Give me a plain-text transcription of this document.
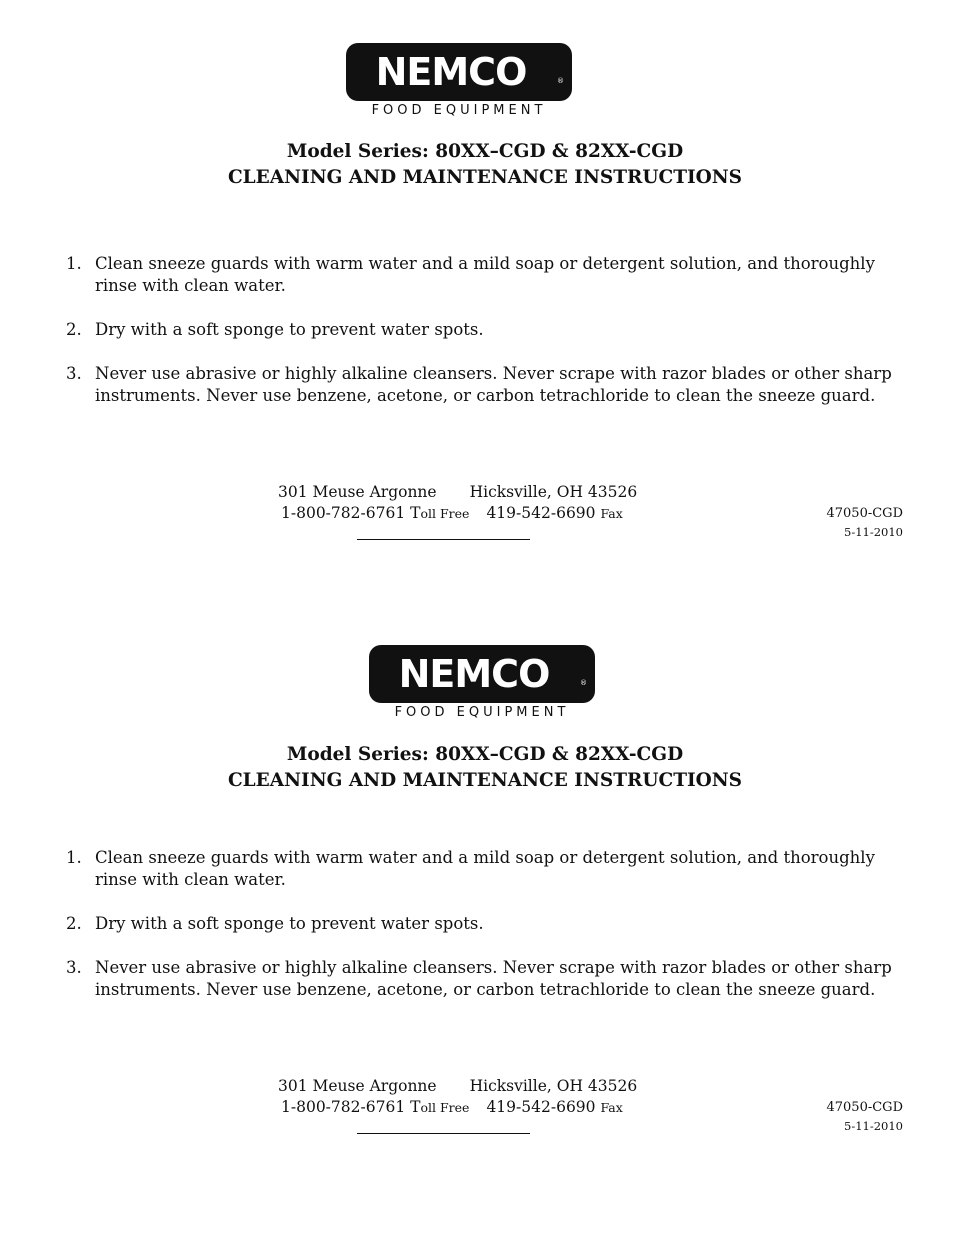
NEMCO	®
FOOD EQUIPMENT
Model Series: 80XX–CGD & 82XX-CGD
CLEANING AND MAINTENANCE INSTRUCTIONS
1. Clean sneeze guards with warm water and a mild soap or detergent solution, and thoroughly rinse with clean water.
2. Dry with a soft sponge to prevent water spots.
3. Never use abrasive or highly alkaline cleansers. Never scrape with razor blades or other sharp instruments. Never use benzene, acetone, or carbon tetrachloride to clean the sneeze guard.
301 Meuse Argonne Hicksville, OH 43526
1-800-782-6761 Toll Free 419-542-6690 Fax	47050-CGD
5-11-2010
NEMCO	®
FOOD EQUIPMENT
Model Series: 80XX–CGD & 82XX-CGD
CLEANING AND MAINTENANCE INSTRUCTIONS
1. Clean sneeze guards with warm water and a mild soap or detergent solution, and thoroughly rinse with clean water.
2. Dry with a soft sponge to prevent water spots.
3. Never use abrasive or highly alkaline cleansers. Never scrape with razor blades or other sharp instruments. Never use benzene, acetone, or carbon tetrachloride to clean the sneeze guard.
301 Meuse Argonne Hicksville, OH 43526
1-800-782-6761 Toll Free 419-542-6690 Fax	47050-CGD
5-11-2010
